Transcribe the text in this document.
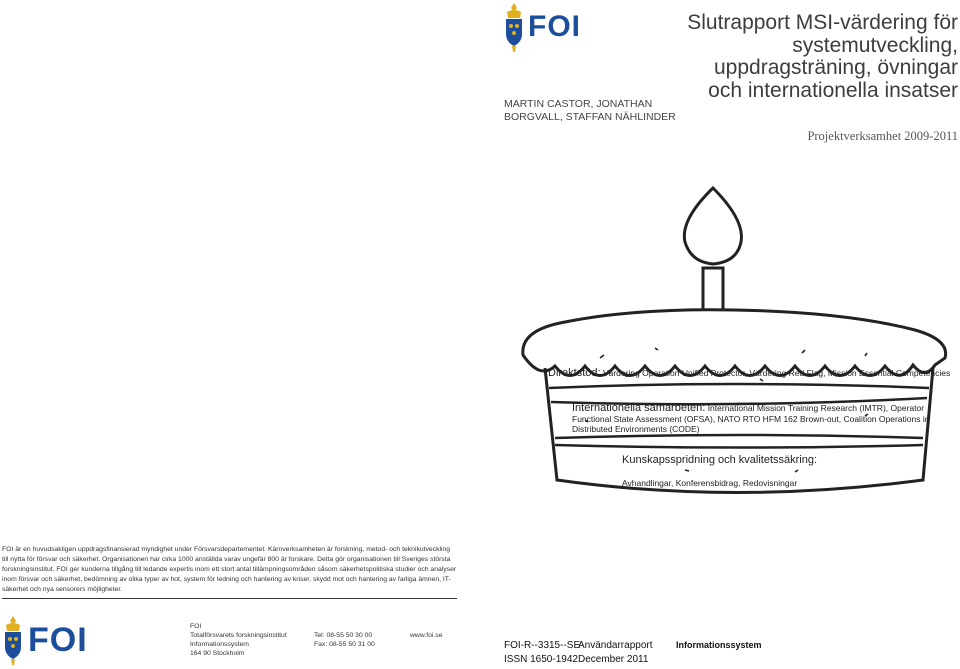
FOI
MARTIN CASTOR, JONATHAN BORGVALL, STAFFAN NÄHLINDER
Slutrapport MSI-värdering för
systemutveckling,
uppdragsträning, övningar
och internationella insatser
Projektverksamhet 2009-2011
Direktstöd: Värdering Operation Unified Protector, Värdering Red Flag, Mission Essential Competencies
Internationella samarbeten: International Mission Training Research (IMTR), Operator
Functional State Assessment (OFSA), NATO RTO HFM 162 Brown-out, Coalition Operations in
Distributed Environments (CODE)
Kunskapsspridning och kvalitetssäkring:
Avhandlingar, Konferensbidrag, Redovisningar
FOI är en huvudsakligen uppdragsfinansierad myndighet under Försvarsdepartementet. Kärnverksamheten är forskning, metod- och teknikutveckling till nytta för försvar och säkerhet. Organisationen har cirka 1000 anställda varav ungefär 800 är forskare. Detta gör organisationen till Sveriges största forskningsinstitut. FOI ger kunderna tillgång till ledande expertis inom ett stort antal tillämpningsområden såsom säkerhetspolitiska studier och analyser inom försvar och säkerhet, bedömning av olika typer av hot, system för ledning och hantering av kriser, skydd mot och hantering av farliga ämnen, IT-säkerhet och nya sensorers möjligheter.
FOI	FOI
Totalförsvarets forskningsinstitut
Informationssystem
164 90 Stockholm
Tel: 08-55 50 30 00
Fax: 08-55 50 31 00
www.foi.se
FOI-R--3315--SE
ISSN 1650-1942
Användarrapport
December 2011
Informationssystem
